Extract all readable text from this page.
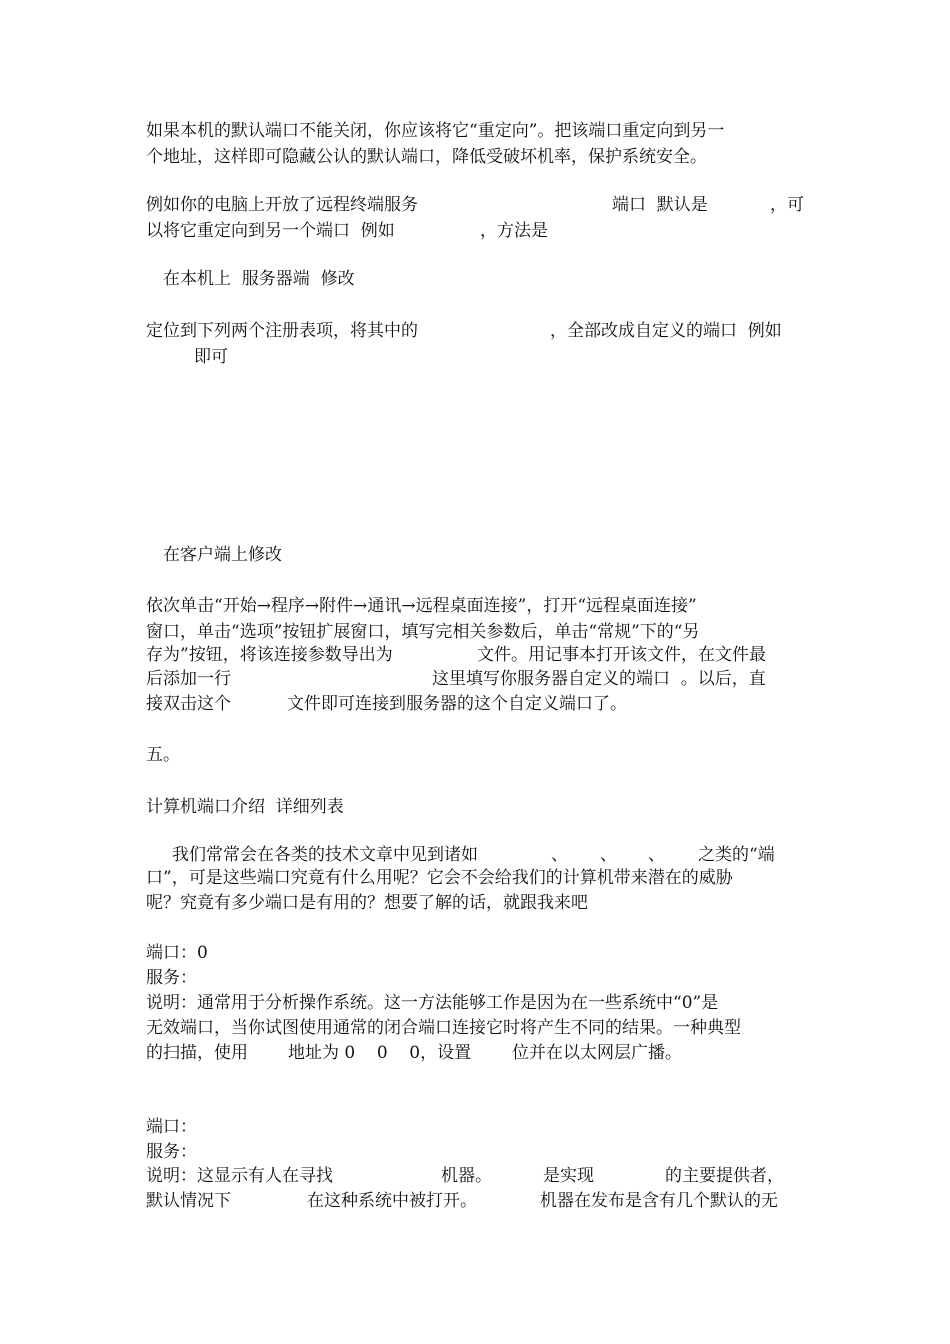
如果本机的默认端口不能关闭，你应该将它“重定向”。把该端口重定向到另一
个地址，这样即可隐藏公认的默认端口，降低受破坏机率，保护系统安全。
例如你的电脑上开放了远程终端服务	端口  默认是	，可
以将它重定向到另一个端口  例如	，方法是
在本机上  服务器端  修改
定位到下列两个注册表项，将其中的	，全部改成自定义的端口  例如
即可
在客户端上修改
依次单击“开始→程序→附件→通讯→远程桌面连接”，打开“远程桌面连接”
窗口，单击“选项”按钮扩展窗口，填写完相关参数后，单击“常规”下的“另
存为”按钮，将该连接参数导出为	文件。用记事本打开该文件，在文件最
后添加一行	这里填写你服务器自定义的端口  。以后，直
接双击这个	文件即可连接到服务器的这个自定义端口了。
五。
计算机端口介绍  详细列表
我们常常会在各类的技术文章中见到诸如	、 、 、 之类的“端
口”，可是这些端口究竟有什么用呢？它会不会给我们的计算机带来潜在的威胁
呢？究竟有多少端口是有用的？想要了解的话，就跟我来吧
端口：0
服务：
说明：通常用于分析操作系统。这一方法能够工作是因为在一些系统中“0”是
无效端口，当你试图使用通常的闭合端口连接它时将产生不同的结果。一种典型
的扫描，使用 地址为 0    0    0，设置 位并在以太网层广播。
端口：
服务：
说明：这显示有人在寻找	机器。	是实现	的主要提供者，
默认情况下	在这种系统中被打开。	机器在发布是含有几个默认的无
